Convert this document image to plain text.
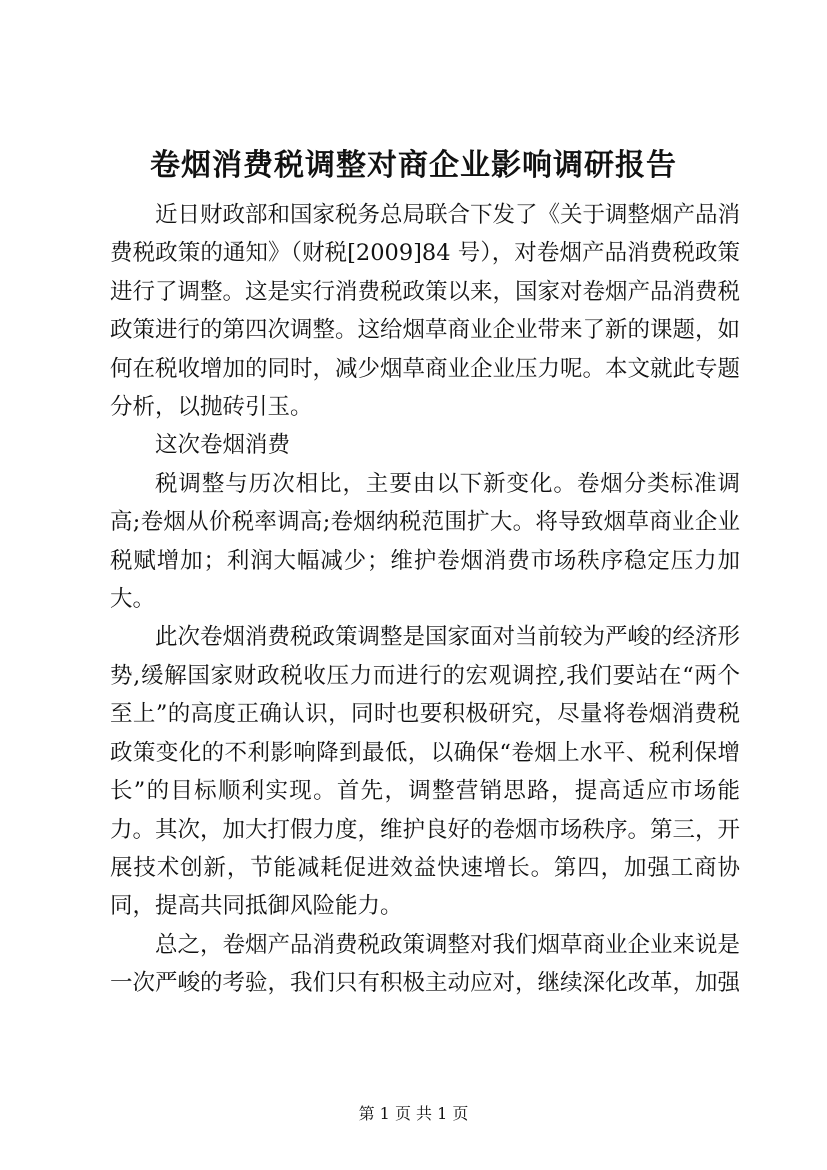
卷烟消费税调整对商企业影响调研报告

近日财政部和国家税务总局联合下发了《关于调整烟产品消费税政策的通知》（财税[2009]84 号），对卷烟产品消费税政策进行了调整。这是实行消费税政策以来，国家对卷烟产品消费税政策进行的第四次调整。这给烟草商业企业带来了新的课题，如何在税收增加的同时，减少烟草商业企业压力呢。本文就此专题分析，以抛砖引玉。

这次卷烟消费

税调整与历次相比，主要由以下新变化。卷烟分类标准调高;卷烟从价税率调高;卷烟纳税范围扩大。将导致烟草商业企业税赋增加；利润大幅减少；维护卷烟消费市场秩序稳定压力加大。

此次卷烟消费税政策调整是国家面对当前较为严峻的经济形势,缓解国家财政税收压力而进行的宏观调控,我们要站在“两个至上”的高度正确认识，同时也要积极研究，尽量将卷烟消费税政策变化的不利影响降到最低，以确保“卷烟上水平、税利保增长”的目标顺利实现。首先，调整营销思路，提高适应市场能力。其次，加大打假力度，维护良好的卷烟市场秩序。第三，开展技术创新，节能减耗促进效益快速增长。第四，加强工商协同，提高共同抵御风险能力。

总之，卷烟产品消费税政策调整对我们烟草商业企业来说是一次严峻的考验，我们只有积极主动应对，继续深化改革，加强

第 1 页 共 1 页
